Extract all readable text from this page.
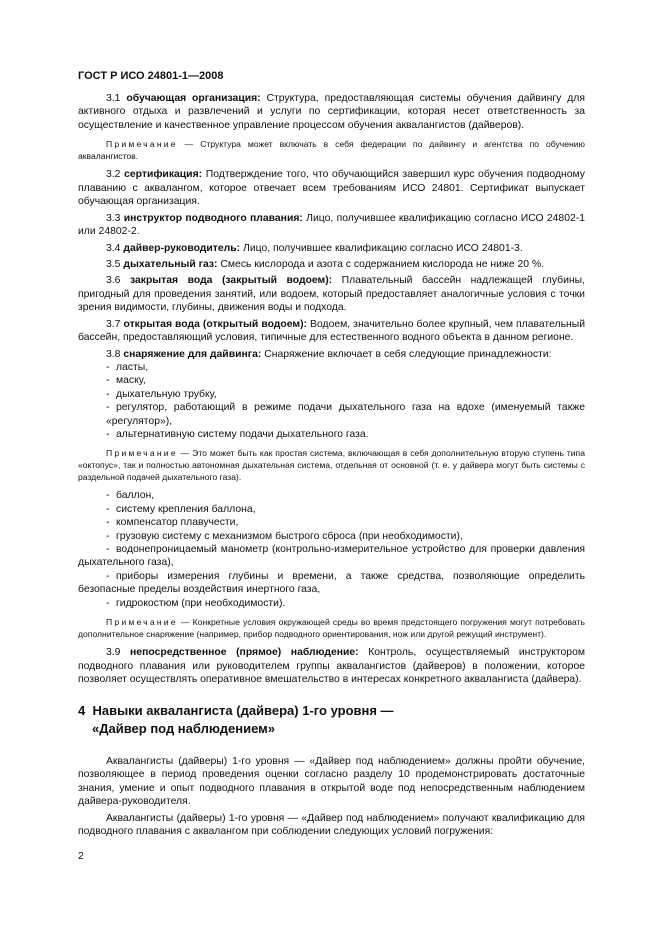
ГОСТ Р ИСО 24801-1—2008

3.1 обучающая организация: Структура, предоставляющая системы обучения дайвингу для активного отдыха и развлечений и услуги по сертификации, которая несет ответственность за осуществление и качественное управление процессом обучения аквалангистов (дайверов).

Примечание — Структура может включать в себя федерации по дайвингу и агентства по обучению аквалангистов.

3.2 сертификация: Подтверждение того, что обучающийся завершил курс обучения подводному плаванию с аквалангом, которое отвечает всем требованиям ИСО 24801. Сертификат выпускает обучающая организация.

3.3 инструктор подводного плавания: Лицо, получившее квалификацию согласно ИСО 24802-1 или 24802-2.

3.4 дайвер-руководитель: Лицо, получившее квалификацию согласно ИСО 24801-3.

3.5 дыхательный газ: Смесь кислорода и азота с содержанием кислорода не ниже 20 %.

3.6 закрытая вода (закрытый водоем): Плавательный бассейн надлежащей глубины, пригодный для проведения занятий, или водоем, который предоставляет аналогичные условия с точки зрения видимости, глубины, движения воды и подхода.

3.7 открытая вода (открытый водоем): Водоем, значительно более крупный, чем плавательный бассейн, предоставляющий условия, типичные для естественного водного объекта в данном регионе.

3.8 снаряжение для дайвинга: Снаряжение включает в себя следующие принадлежности:

- ласты,

- маску,

- дыхательную трубку,

- регулятор, работающий в режиме подачи дыхательного газа на вдохе (именуемый также «регулятор»),

- альтернативную систему подачи дыхательного газа.

Примечание — Это может быть как простая система, включающая в себя дополнительную вторую ступень типа «октопус», так и полностью автономная дыхательная система, отдельная от основной (т. е. у дайвера могут быть системы с раздельной подачей дыхательного газа).

- баллон,

- систему крепления баллона,

- компенсатор плавучести,

- грузовую систему с механизмом быстрого сброса (при необходимости),

- водонепроницаемый манометр (контрольно-измерительное устройство для проверки давления дыхательного газа),

- приборы измерения глубины и времени, а также средства, позволяющие определить безопасные пределы воздействия инертного газа,

- гидрокостюм (при необходимости).

Примечание — Конкретные условия окружающей среды во время предстоящего погружения могут потребовать дополнительное снаряжение (например, прибор подводного ориентирования, нож или другой режущий инструмент).

3.9 непосредственное (прямое) наблюдение: Контроль, осуществляемый инструктором подводного плавания или руководителем группы аквалангистов (дайверов) в положении, которое позволяет осуществлять оперативное вмешательство в интересах конкретного аквалангиста (дайвера).

4  Навыки аквалангиста (дайвера) 1-го уровня —
«Дайвер под наблюдением»

Аквалангисты (дайверы) 1-го уровня — «Дайвер под наблюдением» должны пройти обучение, позволяющее в период проведения оценки согласно разделу 10 продемонстрировать достаточные знания, умение и опыт подводного плавания в открытой воде под непосредственным наблюдением дайвера-руководителя.

Аквалангисты (дайверы) 1-го уровня — «Дайвер под наблюдением» получают квалификацию для подводного плавания с аквалангом при соблюдении следующих условий погружения:

2
